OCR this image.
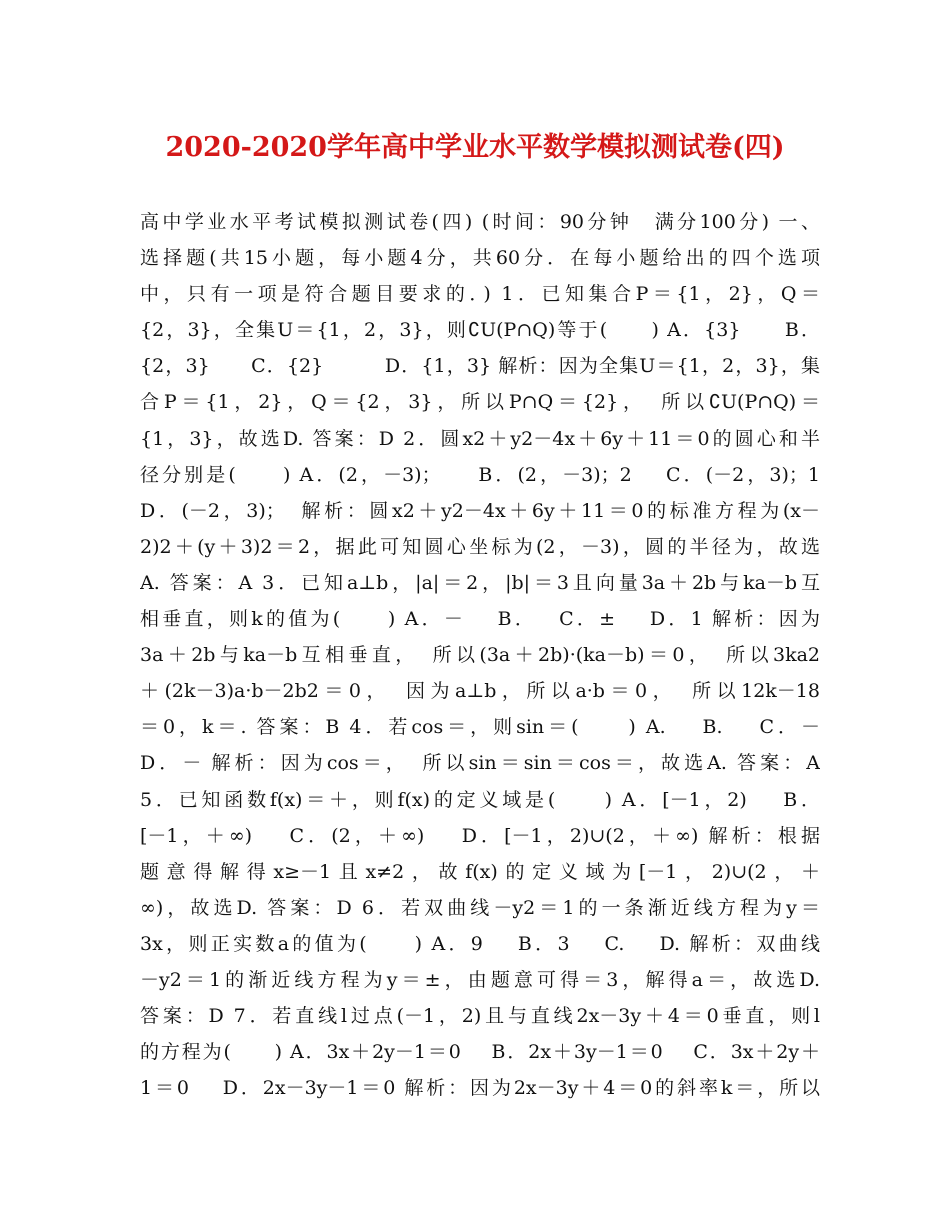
2020-2020学年高中学业水平数学模拟测试卷(四)
高中学业水平考试模拟测试卷(四) (时间：90分钟　满分100分) 一、
选择题(共15小题，每小题4分，共60分．在每小题给出的四个选项
中，只有一项是符合题目要求的．) 1．已知集合P＝{1，2}，Q＝
{2，3}，全集U＝{1，2，3}，则∁U(P∩Q)等于(　　) A．{3}　　B．
{2，3}　　C．{2}　　　D．{1，3} 解析：因为全集U＝{1，2，3}，集
合P＝{1，2}，Q＝{2，3}，所以P∩Q＝{2}，　所以∁U(P∩Q)＝
{1，3}，故选D. 答案：D 2．圆x2＋y2－4x＋6y＋11＝0的圆心和半
径分别是(　　) A．(2，－3)；　　B．(2，－3)；2　 C．(－2，3)；1
D．(－2，3)；　解析：圆x2＋y2－4x＋6y＋11＝0的标准方程为(x－
2)2＋(y＋3)2＝2，据此可知圆心坐标为(2，－3)，圆的半径为，故选
A. 答案：A 3．已知a⊥b，|a|＝2，|b|＝3且向量3a＋2b与ka－b互
相垂直，则k的值为(　　) A．－　 B．　 C．±　 D．1 解析：因为
3a＋2b与ka－b互相垂直，　所以(3a＋2b)·(ka－b)＝0，　所以3ka2
＋(2k－3)a·b－2b2＝0，　因为a⊥b，所以a·b＝0，　所以12k－18
＝0，k＝. 答案：B 4．若cos＝，则sin＝(　　) A.　 B.　 C．－
D．－ 解析：因为cos＝，　所以sin＝sin＝cos＝，故选A. 答案：A
5．已知函数f(x)＝＋，则f(x)的定义域是(　　) A．[－1，2)　 B．
[－1，＋∞)　 C．(2，＋∞)　 D．[－1，2)∪(2，＋∞) 解析：根据
题意得解得x≥－1且x≠2，故f(x)的定义域为[－1，2)∪(2，＋
∞)，故选D. 答案：D 6．若双曲线－y2＝1的一条渐近线方程为y＝
3x，则正实数a的值为(　　) A．9　 B．3　 C.　 D. 解析：双曲线
－y2＝1的渐近线方程为y＝±，由题意可得＝3，解得a＝，故选D.
答案：D 7．若直线l过点(－1，2)且与直线2x－3y＋4＝0垂直，则l
的方程为(　　) A．3x＋2y－1＝0　 B．2x＋3y－1＝0　 C．3x＋2y＋
1＝0　 D．2x－3y－1＝0 解析：因为2x－3y＋4＝0的斜率k＝，所以
